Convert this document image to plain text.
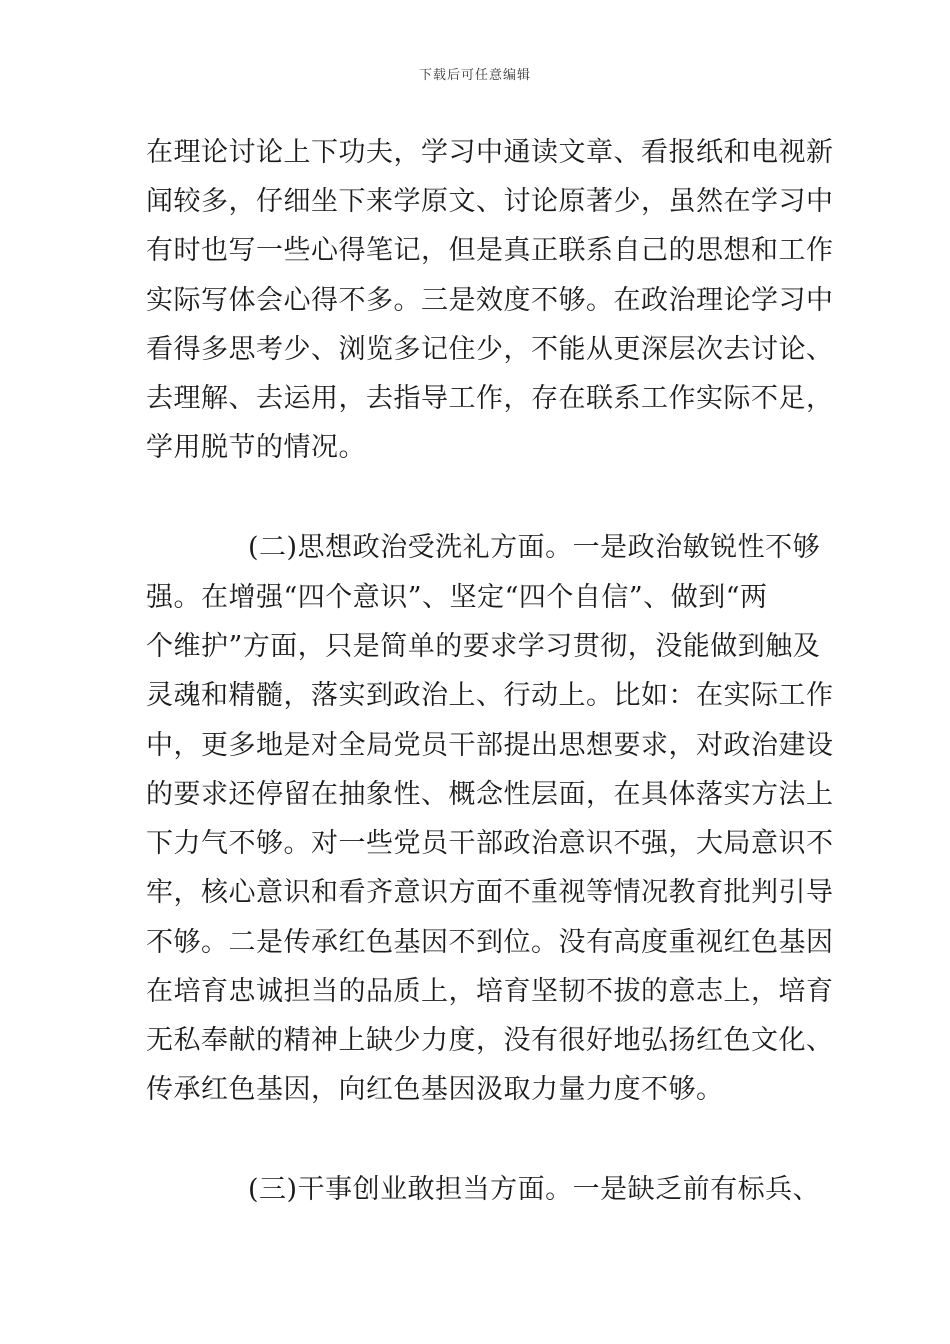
下载后可任意编辑
在理论讨论上下功夫，学习中通读文章、看报纸和电视新
闻较多，仔细坐下来学原文、讨论原著少，虽然在学习中
有时也写一些心得笔记，但是真正联系自己的思想和工作
实际写体会心得不多。三是效度不够。在政治理论学习中
看得多思考少、浏览多记住少，不能从更深层次去讨论、
去理解、去运用，去指导工作，存在联系工作实际不足，
学用脱节的情况。
(二)思想政治受洗礼方面。一是政治敏锐性不够
强。在增强“四个意识”、坚定“四个自信”、做到“两
个维护”方面，只是简单的要求学习贯彻，没能做到触及
灵魂和精髓，落实到政治上、行动上。比如：在实际工作
中，更多地是对全局党员干部提出思想要求，对政治建设
的要求还停留在抽象性、概念性层面，在具体落实方法上
下力气不够。对一些党员干部政治意识不强，大局意识不
牢，核心意识和看齐意识方面不重视等情况教育批判引导
不够。二是传承红色基因不到位。没有高度重视红色基因
在培育忠诚担当的品质上，培育坚韧不拔的意志上，培育
无私奉献的精神上缺少力度，没有很好地弘扬红色文化、
传承红色基因，向红色基因汲取力量力度不够。
(三)干事创业敢担当方面。一是缺乏前有标兵、
